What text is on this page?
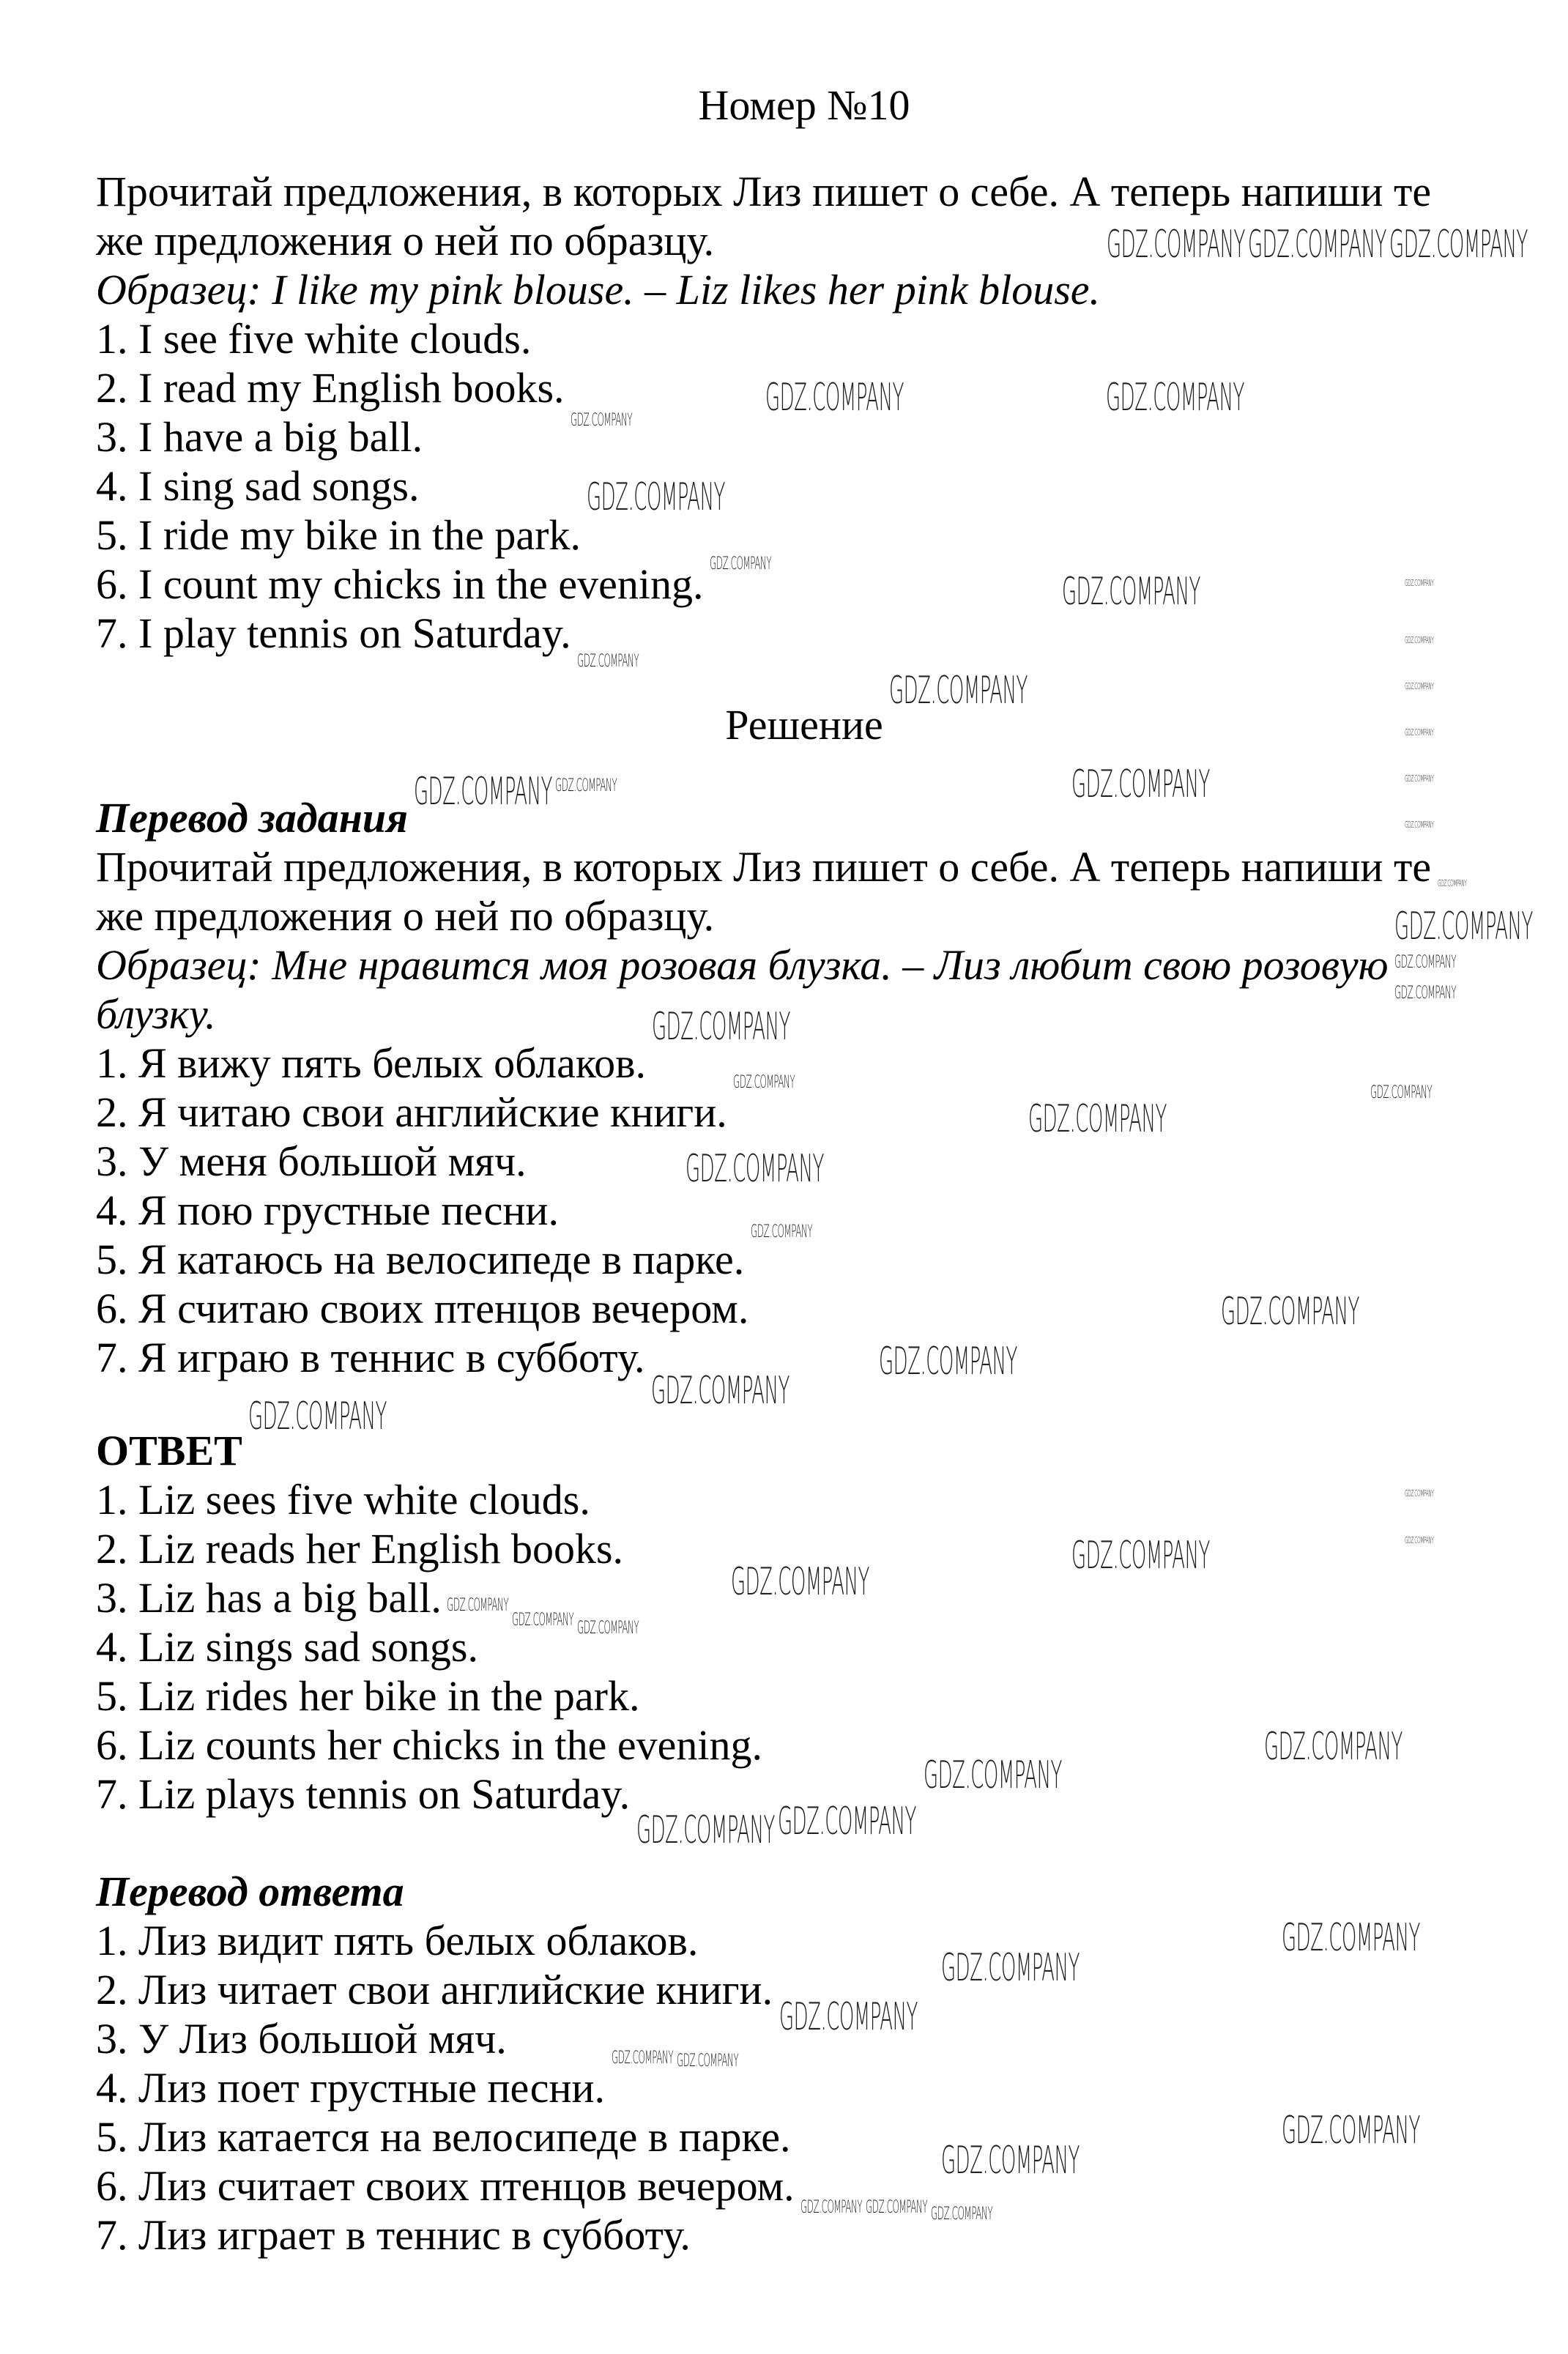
Номер №10
Прочитай предложения, в которых Лиз пишет о себе. А теперь напиши те
же предложения о ней по образцу.
Образец: I like my pink blouse. – Liz likes her pink blouse.
1. I see five white clouds.
2. I read my English books.
3. I have a big ball.
4. I sing sad songs.
5. I ride my bike in the park.
6. I count my chicks in the evening.
7. I play tennis on Saturday.
Решение
Перевод задания
Прочитай предложения, в которых Лиз пишет о себе. А теперь напиши те
же предложения о ней по образцу.
Образец: Мне нравится моя розовая блузка. – Лиз любит свою розовую
блузку.
1. Я вижу пять белых облаков.
2. Я читаю свои английские книги.
3. У меня большой мяч.
4. Я пою грустные песни.
5. Я катаюсь на велосипеде в парке.
6. Я считаю своих птенцов вечером.
7. Я играю в теннис в субботу.
ОТВЕТ
1. Liz sees five white clouds.
2. Liz reads her English books.
3. Liz has a big ball.
4. Liz sings sad songs.
5. Liz rides her bike in the park.
6. Liz counts her chicks in the evening.
7. Liz plays tennis on Saturday.
Перевод ответа
1. Лиз видит пять белых облаков.
2. Лиз читает свои английские книги.
3. У Лиз большой мяч.
4. Лиз поет грустные песни.
5. Лиз катается на велосипеде в парке.
6. Лиз считает своих птенцов вечером.
7. Лиз играет в теннис в субботу.
GDZ.COMPANY GDZ.COMPANY GDZ.COMPANY
GDZ.COMPANY	GDZ.COMPANY
GDZ.COMPANY
GDZ.COMPANY
GDZ.COMPANY
GDZ.COMPANY	GDZ.COMPANY
GDZ.COMPANY
GDZ.COMPANY
GDZ.COMPANY
GDZ.COMPANY
GDZ.COMPANY
GDZ.COMPANY
GDZ.COMPANY
GDZ.COMPANY
GDZ.COMPANY
GDZ.COMPANY
GDZ.COMPANY
GDZ.COMPANY
GDZ.COMPANY GDZ.COMPANY
GDZ.COMPANY
GDZ.COMPANY
GDZ.COMPANY
GDZ.COMPANY
GDZ.COMPANY
GDZ.COMPANY
GDZ.COMPANY
GDZ.COMPANY
GDZ.COMPANY
GDZ.COMPANY
GDZ.COMPANY
GDZ.COMPANY
GDZ.COMPANY
GDZ.COMPANY
GDZ.COMPANY
GDZ.COMPANY GDZ.COMPANY
GDZ.COMPANY GDZ.COMPANY
GDZ.COMPANY GDZ.COMPANY GDZ.COMPANY
GDZ.COMPANY
GDZ.COMPANY
GDZ.COMPANY
GDZ.COMPANY
GDZ.COMPANY
GDZ.COMPANY
GDZ.COMPANY
GDZ.COMPANY
GDZ.COMPANY
